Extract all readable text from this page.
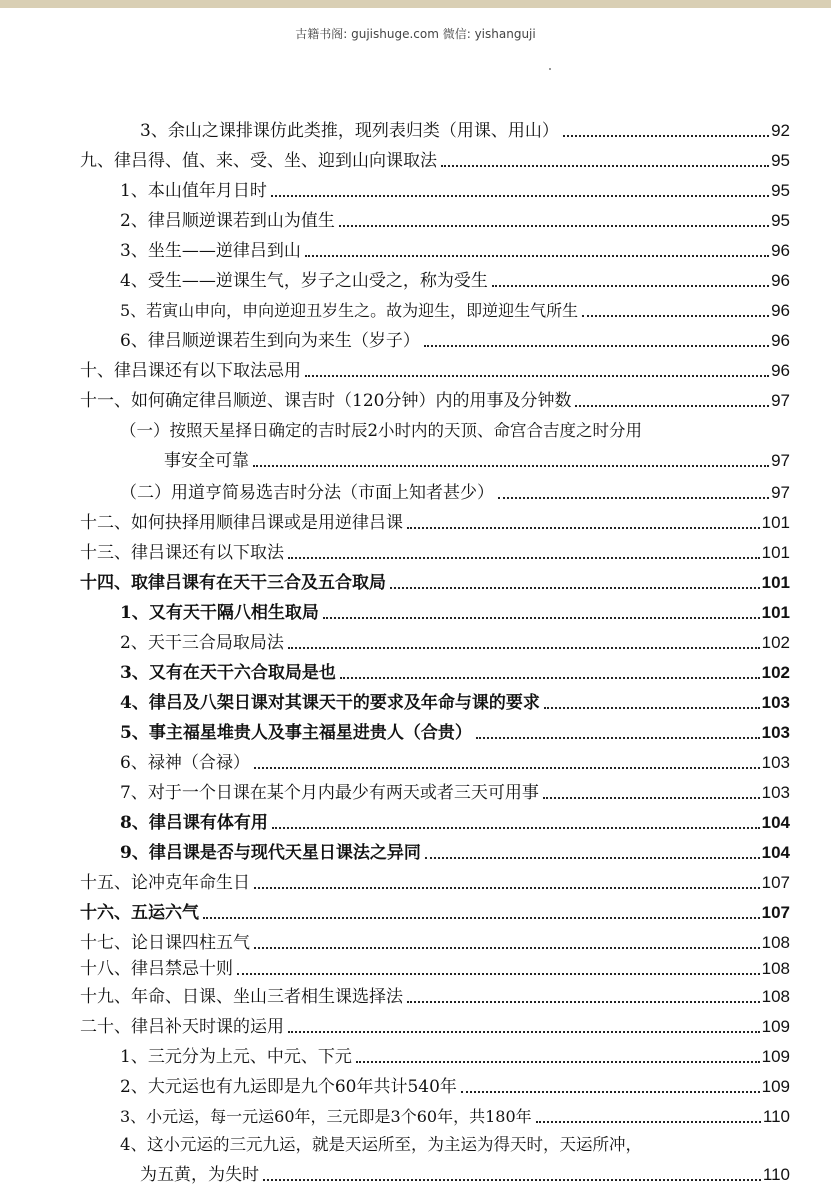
古籍书阁: gujishuge.com 微信: yishanguji
3、余山之课排课仿此类推，现列表归类（用课、用山）	92
九、律吕得、值、来、受、坐、迎到山向课取法	95
1、本山值年月日时	95
2、律吕顺逆课若到山为值生	95
3、坐生——逆律吕到山	96
4、受生——逆课生气，岁子之山受之，称为受生	96
5、若寅山申向，申向逆迎丑岁生之。故为迎生，即逆迎生气所生	96
6、律吕顺逆课若生到向为来生（岁子）	96
十、律吕课还有以下取法忌用	96
十一、如何确定律吕顺逆、课吉时（120分钟）内的用事及分钟数	97
（一）按照天星择日确定的吉时辰2小时内的天顶、命宫合吉度之时分用
事安全可靠	97
（二）用道亨简易选吉时分法（市面上知者甚少）	97
十二、如何抉择用顺律吕课或是用逆律吕课	101
十三、律吕课还有以下取法	101
十四、取律吕课有在天干三合及五合取局	101
1、又有天干隔八相生取局	101
2、天干三合局取局法	102
3、又有在天干六合取局是也	102
4、律吕及八架日课对其课天干的要求及年命与课的要求	103
5、事主福星堆贵人及事主福星进贵人（合贵）	103
6、禄神（合禄）	103
7、对于一个日课在某个月内最少有两天或者三天可用事	103
8、律吕课有体有用	104
9、律吕课是否与现代天星日课法之异同	104
十五、论冲克年命生日	107
十六、五运六气	107
十七、论日课四柱五气	108
十八、律吕禁忌十则	108
十九、年命、日课、坐山三者相生课选择法	108
二十、律吕补天时课的运用	109
1、三元分为上元、中元、下元	109
2、大元运也有九运即是九个60年共计540年	109
3、小元运，每一元运60年，三元即是3个60年，共180年	110
4、这小元运的三元九运，就是天运所至，为主运为得天时，天运所冲，
为五黄，为失时	110
